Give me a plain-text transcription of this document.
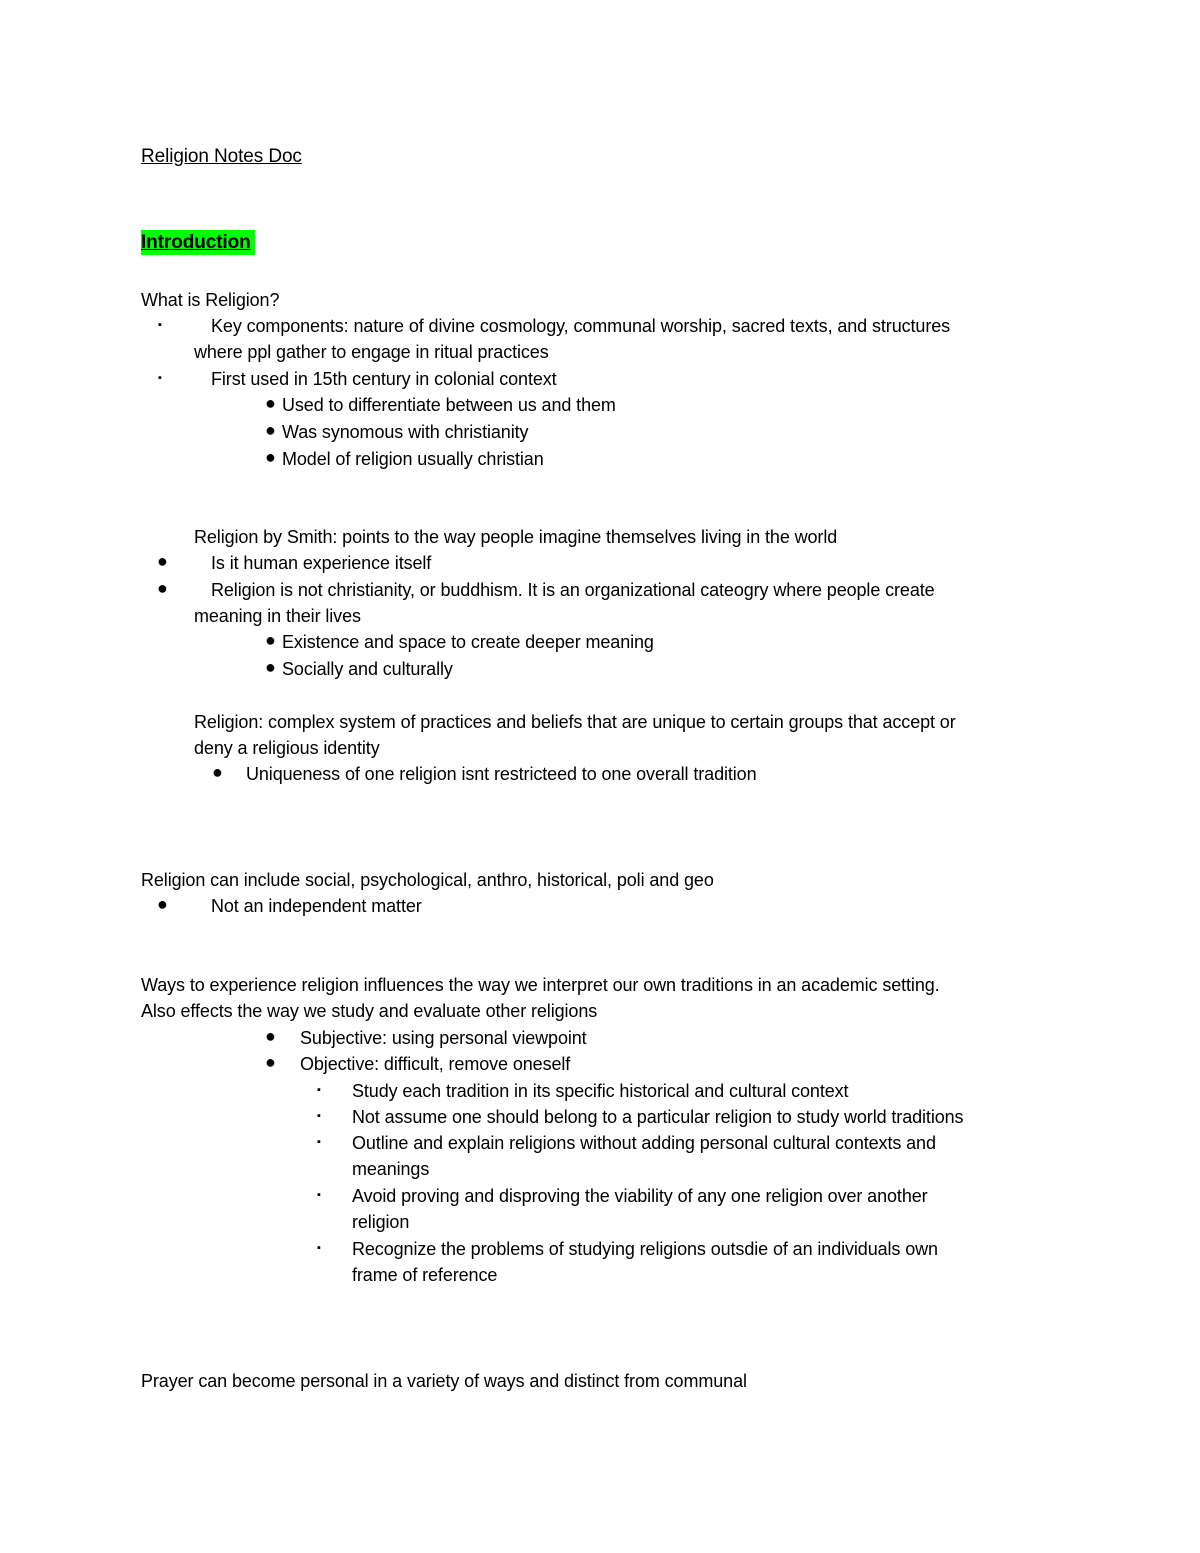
Religion Notes Doc
Introduction
What is Religion?
▪	Key components: nature of divine cosmology, communal worship, sacred texts, and structures
where ppl gather to engage in ritual practices
▪	First used in 15th century in colonial context
● Used to differentiate between us and them
● Was synomous with christianity
● Model of religion usually christian
Religion by Smith: points to the way people imagine themselves living in the world
● Is it human experience itself
● Religion is not christianity, or buddhism. It is an organizational cateogry where people create
meaning in their lives
● Existence and space to create deeper meaning
● Socially and culturally
Religion: complex system of practices and beliefs that are unique to certain groups that accept or
deny a religious identity
● Uniqueness of one religion isnt restricteed to one overall tradition
Religion can include social, psychological, anthro, historical, poli and geo
● Not an independent matter
Ways to experience religion influences the way we interpret our own traditions in an academic setting.
Also effects the way we study and evaluate other religions
● Subjective: using personal viewpoint
● Objective: difficult, remove oneself
▪ Study each tradition in its specific historical and cultural context
▪ Not assume one should belong to a particular religion to study world traditions
▪ Outline and explain religions without adding personal cultural contexts and
meanings
▪ Avoid proving and disproving the viability of any one religion over another
religion
▪ Recognize the problems of studying religions outsdie of an individuals own
frame of reference
Prayer can become personal in a variety of ways and distinct from communal
